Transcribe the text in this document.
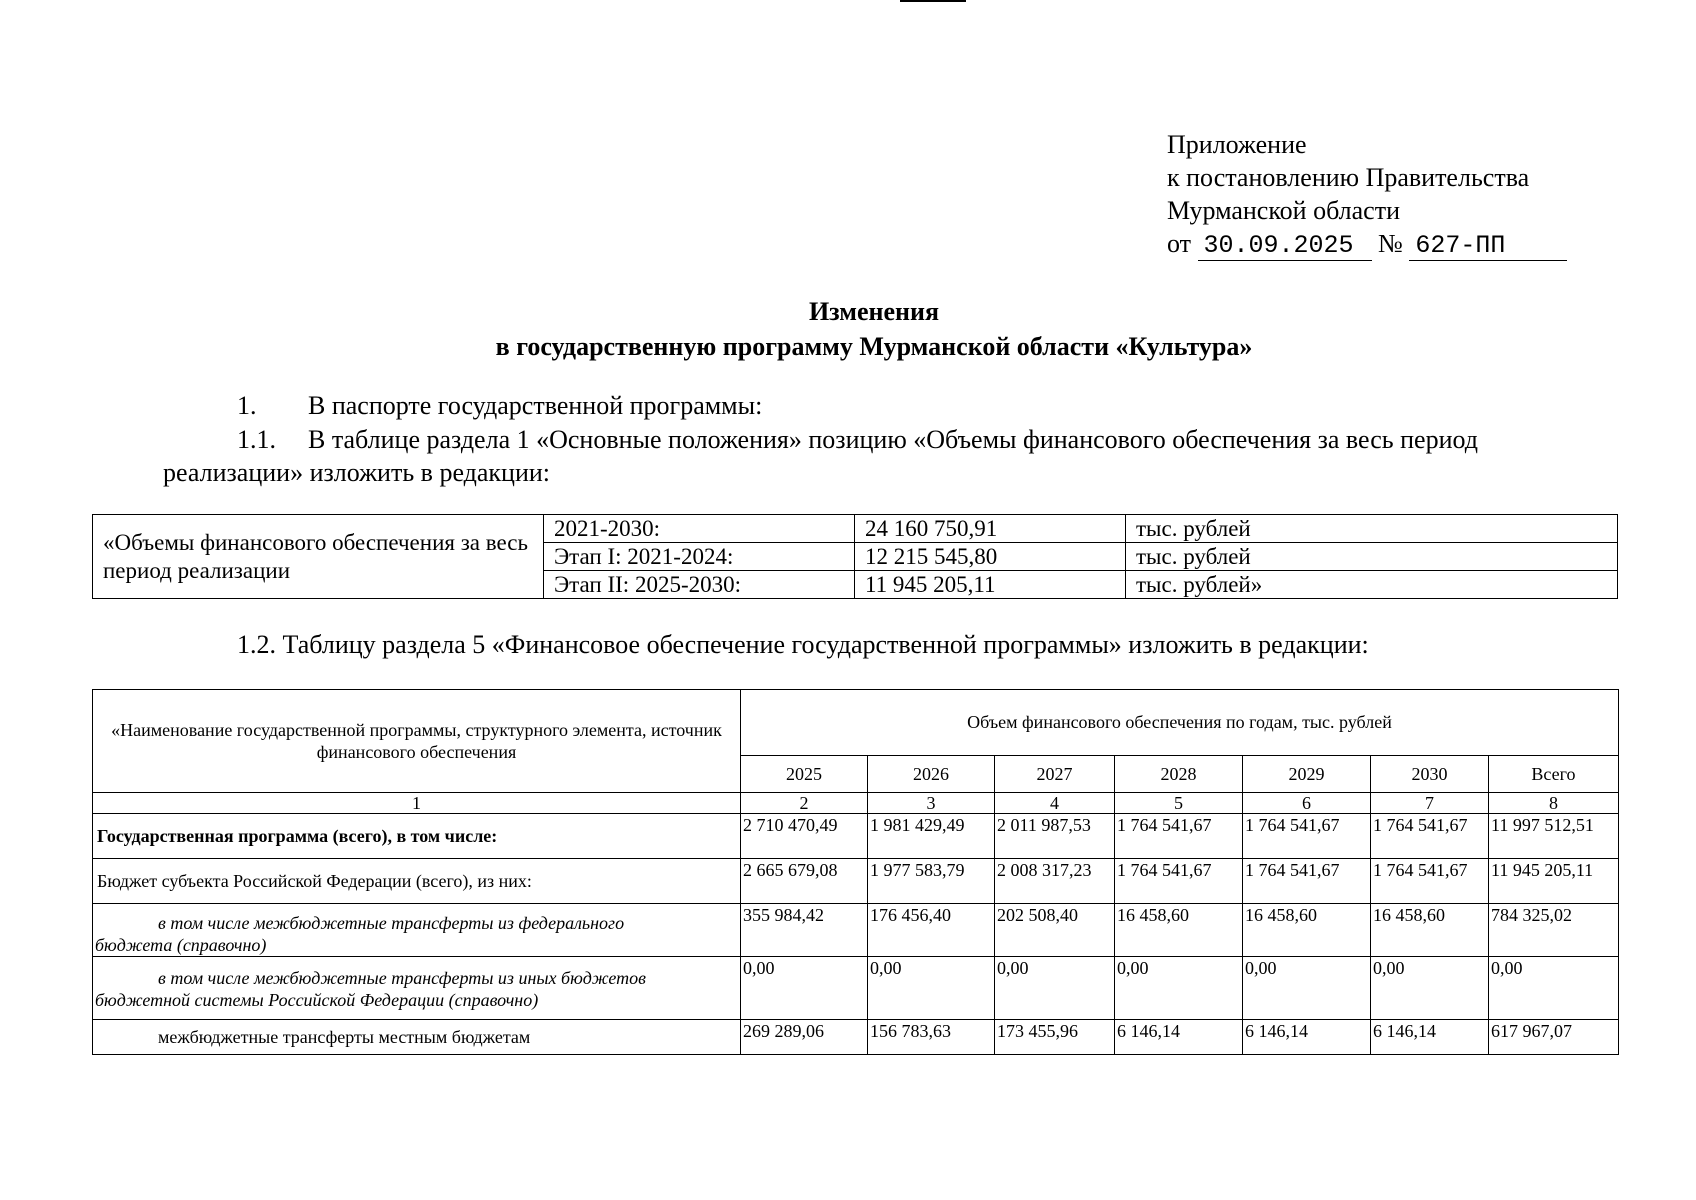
Приложение
к постановлению Правительства
Мурманской области
от 30.09.2025 № 627-ПП
Изменения
в государственную программу Мурманской области «Культура»
1. В паспорте государственной программы:
1.1. В таблице раздела 1 «Основные положения» позицию «Объемы финансового обеспечения за весь период
реализации» изложить в редакции:
«Объемы финансового обеспечения за весь период реализации	2021-2030:	24 160 750,91	тыс. рублей
	Этап I: 2021-2024:	12 215 545,80	тыс. рублей
	Этап II: 2025-2030:	11 945 205,11	тыс. рублей»
1.2. Таблицу раздела 5 «Финансовое обеспечение государственной программы» изложить в редакции:
«Наименование государственной программы, структурного элемента, источник финансового обеспечения	Объем финансового обеспечения по годам, тыс. рублей						
	2025	2026	2027	2028	2029	2030	Всего
1	2	3	4	5	6	7	8
Государственная программа (всего), в том числе:	2 710 470,49	1 981 429,49	2 011 987,53	1 764 541,67	1 764 541,67	1 764 541,67	11 997 512,51
Бюджет субъекта Российской Федерации (всего), из них:	2 665 679,08	1 977 583,79	2 008 317,23	1 764 541,67	1 764 541,67	1 764 541,67	11 945 205,11

в том числе межбюджетные трансферты из федерального
бюджета (справочно)	355 984,42	176 456,40	202 508,40	16 458,60	16 458,60	16 458,60	784 325,02

в том числе межбюджетные трансферты из иных бюджетов
бюджетной системы Российской Федерации (справочно)	0,00	0,00	0,00	0,00	0,00	0,00	0,00
межбюджетные трансферты местным бюджетам	269 289,06	156 783,63	173 455,96	6 146,14	6 146,14	6 146,14	617 967,07
